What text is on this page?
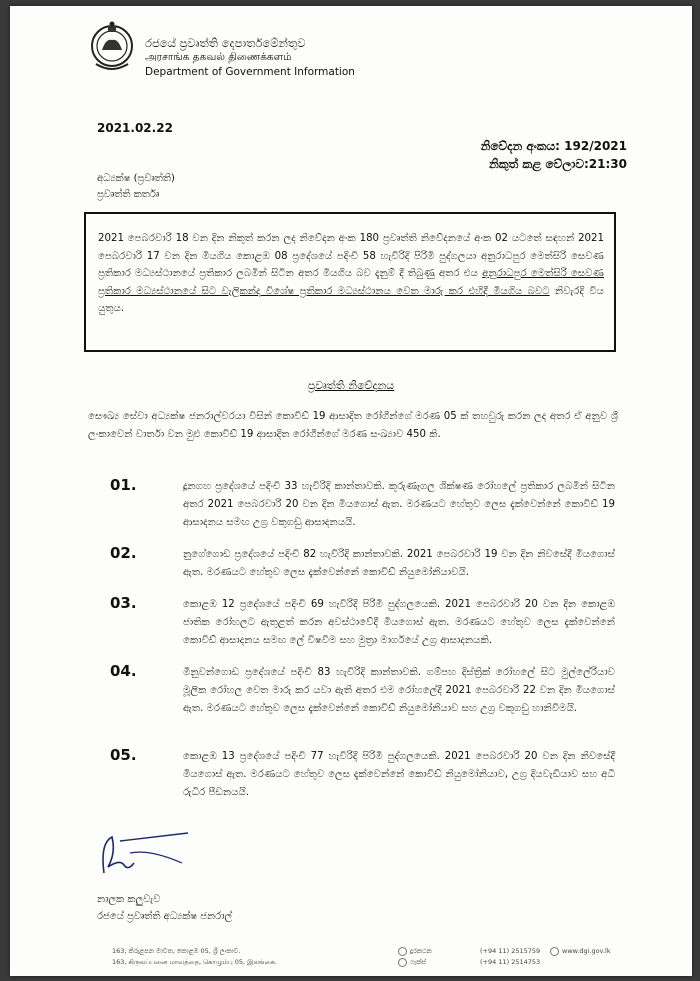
රජයේ ප්‍රවෘත්ති දෙපාර්තමේන්තුව
அரசாங்க தகவல் திணைக்களம்
Department of Government Information
2021.02.22
නිවේදන අංකය: 192/2021
නිකුත් කළ වේලාව:21:30
අධ්‍යක්ෂ (ප්‍රවෘත්ති)
ප්‍රවෘත්ති කර්තෘ
2021 පෙබරවාරි 18 වන දින නිකුත් කරන ලද නිවේදන අංක 180 ප්‍රවෘත්ති නිවේදනයේ අංක 02 යටතේ සඳහන් 2021 පෙබරවාරි 17 වන දින මියගිය කොළඹ 08 ප්‍රදේශයේ පදිංචි 58 හැවිරිදි පිරිමි පුද්ගලයා අනුරාධපුර මෙත්සිරි සෙවණ ප්‍රතිකාර මධ්‍යස්ථානයේ ප්‍රතිකාර ලබමින් සිටින අතර මියගිය බව දැනුම් දී තිබුණු අතර එය අනුරාධපුර මෙත්සිරි සෙවණ ප්‍රතිකාර මධ්‍යස්ථානයේ සිට වැලිකන්ද විශේෂ ප්‍රතිකාර මධ්‍යස්ථානය වෙත මාරු කර එහිදී මියගිය බවට නිවැරදි විය යුතුය.
ප්‍රවෘත්ති නිවේදනය
සෞඛ්‍ය සේවා අධ්‍යක්ෂ ජනරාල්වරයා විසින් කොවිඩ් 19 ආසාදිත රෝගීන්ගේ මරණ 05 ක් තහවුරු කරන ලද අතර ඒ අනුව ශ්‍රී ලංකාවෙන් වාර්තා වන මුළු කොවිඩ් 19 ආසාදිත රෝගීන්ගේ මරණ සංඛ්‍යාව 450 කි.
01.	දූනගහ ප්‍රදේශයේ පදිංචි 33 හැවිරිදි කාන්තාවකි. කුරුණෑගල ශික්ෂණ රෝහලේ ප්‍රතිකාර ලබමින් සිටින අතර 2021 පෙබරවාරි 20 වන දින මියගොස් ඇත. මරණයට හේතුව ලෙස දැක්වෙන්නේ කොවිඩ් 19 ආසාදනය සමඟ උග්‍ර වකුගඩු ආසාදනයයි.
02.	නුගේගොඩ ප්‍රදේශයේ පදිංචි 82 හැවිරිදි කාන්තාවකි. 2021 පෙබරවාරි 19 වන දින නිවසේදී මියගොස් ඇත. මරණයට හේතුව ලෙස දැක්වෙන්නේ කොවිඩ් නියුමෝනියාවයි.
03.	කොළඹ 12 ප්‍රදේශයේ පදිංචි 69 හැවිරිදි පිරිමි පුද්ගලයෙකි. 2021 පෙබරවාරි 20 වන දින කොළඹ ජාතික රෝහලට ඇතුළත් කරන අවස්ථාවේදී මියගොස් ඇත. මරණයට හේතුව ලෙස දැක්වෙන්නේ කොවිඩ් ආසාදනය සමඟ ලේ විෂවීම සහ මුත්‍රා මාර්ගයේ උග්‍ර ආසාදනයකි.
04.	මීනුවන්ගොඩ ප්‍රදේශයේ පදිංචි 83 හැවිරිදි කාන්තාවකි. ගම්පහ දිස්ත්‍රික් රෝහලේ සිට මුල්ලේරියාව මූලික රෝහල වෙත මාරු කර යවා ඇති අතර එම රෝහලේදී 2021 පෙබරවාරි 22 වන දින මියගොස් ඇත. මරණයට හේතුව ලෙස දැක්වෙන්නේ කොවිඩ් නියුමෝනියාව සහ උග්‍ර වකුගඩු හානිවීමයි.
05.	කොළඹ 13 ප්‍රදේශයේ පදිංචි 77 හැවිරිදි පිරිමි පුද්ගලයෙකි. 2021 පෙබරවාරි 20 වන දින නිවසේදී මියගොස් ඇත. මරණයට හේතුව ලෙස දැක්වෙන්නේ කොවිඩ් නියුමෝනියාව, උග්‍ර දියවැඩියාව සහ අධි රුධිර පීඩනයයි.
නාලක කලුවැව
රජයේ ප්‍රවෘත්ති අධ්‍යක්ෂ ජනරාල්
163, කිරුළපන මාවත, කොළඹ 05, ශ්‍රී ලංකාව.
163, கிருலப்பனை மாவத்தை, கொழும்பு 05, இலங்கை.
දුරකථන
ෆැක්ස්
(+94 11) 2515759
(+94 11) 2514753
www.dgi.gov.lk
